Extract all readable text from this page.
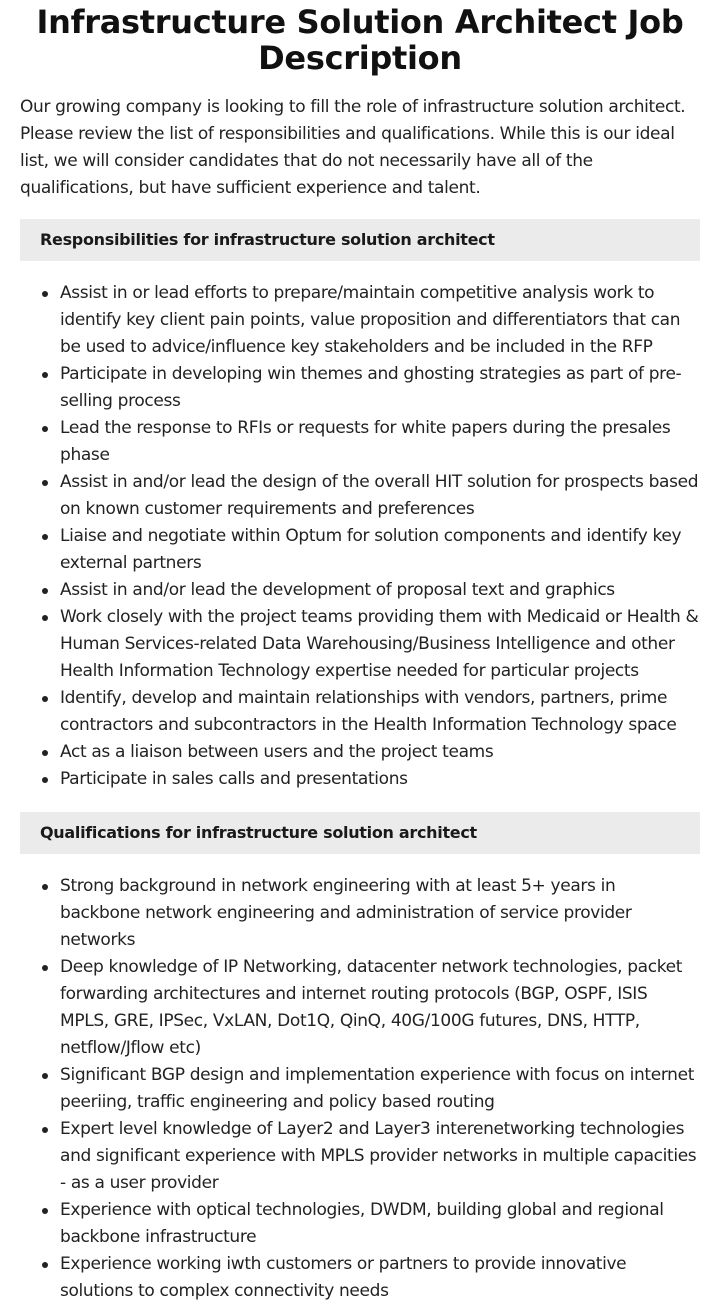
Infrastructure Solution Architect Job Description

Our growing company is looking to fill the role of infrastructure solution architect. Please review the list of responsibilities and qualifications. While this is our ideal list, we will consider candidates that do not necessarily have all of the qualifications, but have sufficient experience and talent.

Responsibilities for infrastructure solution architect
Assist in or lead efforts to prepare/maintain competitive analysis work to identify key client pain points, value proposition and differentiators that can be used to advice/influence key stakeholders and be included in the RFP
Participate in developing win themes and ghosting strategies as part of pre-selling process
Lead the response to RFIs or requests for white papers during the presales phase
Assist in and/or lead the design of the overall HIT solution for prospects based on known customer requirements and preferences
Liaise and negotiate within Optum for solution components and identify key external partners
Assist in and/or lead the development of proposal text and graphics
Work closely with the project teams providing them with Medicaid or Health & Human Services-related Data Warehousing/Business Intelligence and other Health Information Technology expertise needed for particular projects
Identify, develop and maintain relationships with vendors, partners, prime contractors and subcontractors in the Health Information Technology space
Act as a liaison between users and the project teams
Participate in sales calls and presentations
Qualifications for infrastructure solution architect
Strong background in network engineering with at least 5+ years in backbone network engineering and administration of service provider networks
Deep knowledge of IP Networking, datacenter network technologies, packet forwarding architectures and internet routing protocols (BGP, OSPF, ISIS MPLS, GRE, IPSec, VxLAN, Dot1Q, QinQ, 40G/100G futures, DNS, HTTP, netflow/Jflow etc)
Significant BGP design and implementation experience with focus on internet peeriing, traffic engineering and policy based routing
Expert level knowledge of Layer2 and Layer3 interenetworking technologies and significant experience with MPLS provider networks in multiple capacities - as a user provider
Experience with optical technologies, DWDM, building global and regional backbone infrastructure
Experience working iwth customers or partners to provide innovative solutions to complex connectivity needs
